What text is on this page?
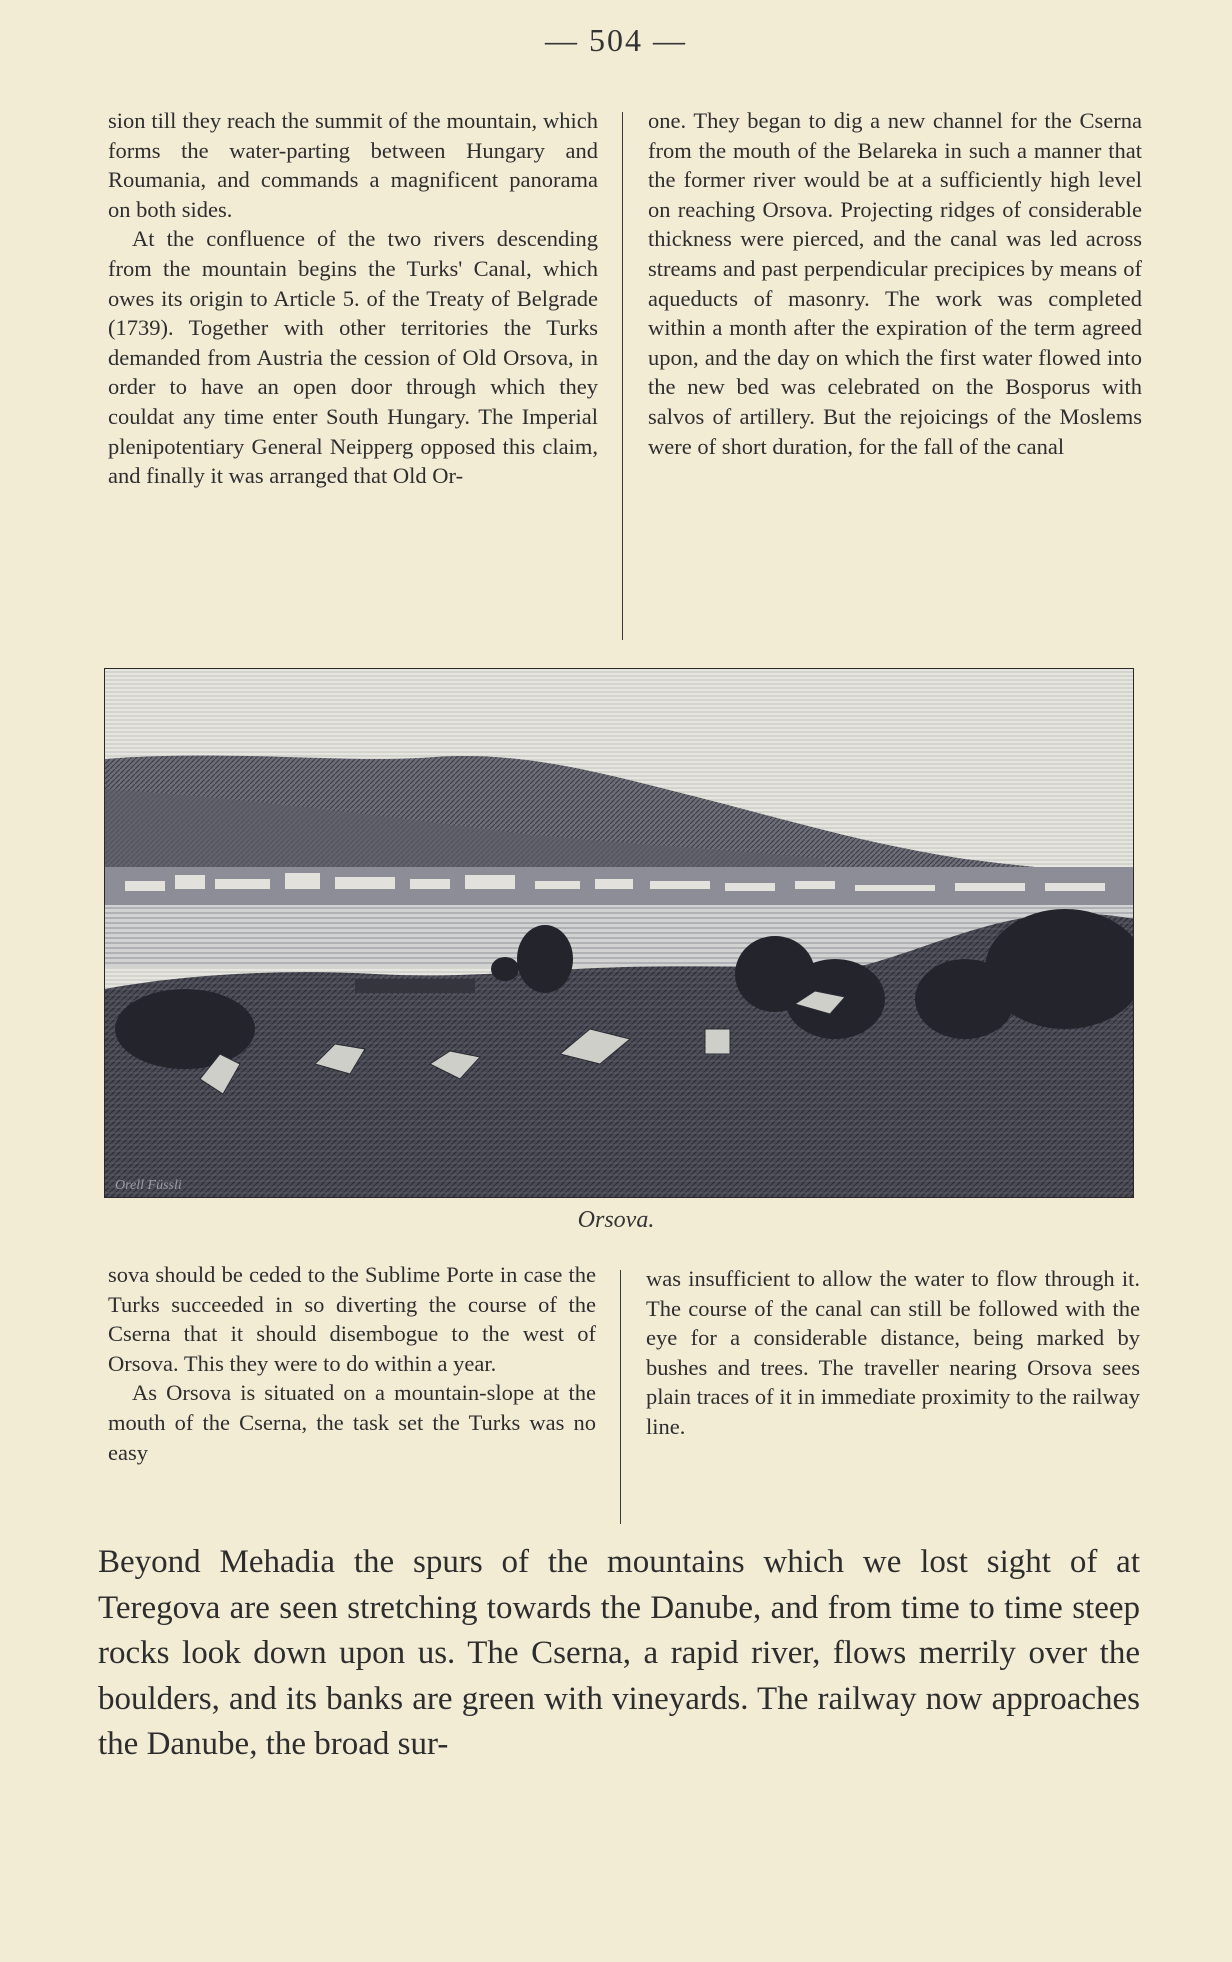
— 504 —

sion till they reach the summit of the mountain, which forms the water-parting between Hungary and Roumania, and commands a magnificent panorama on both sides.

At the confluence of the two rivers descending from the mountain begins the Turks' Canal, which owes its origin to Article 5. of the Treaty of Belgrade (1739). Together with other territories the Turks demanded from Austria the cession of Old Orsova, in order to have an open door through which they couldat any time enter South Hungary. The Imperial plenipotentiary General Neipperg opposed this claim, and finally it was arranged that Old Or-

one. They began to dig a new channel for the Cserna from the mouth of the Belareka in such a manner that the former river would be at a sufficiently high level on reaching Orsova. Projecting ridges of considerable thickness were pierced, and the canal was led across streams and past perpendicular precipices by means of aqueducts of masonry. The work was completed within a month after the expiration of the term agreed upon, and the day on which the first water flowed into the new bed was celebrated on the Bosporus with salvos of artillery. But the rejoicings of the Moslems were of short duration, for the fall of the canal

Orell Füssli
Orsova.

sova should be ceded to the Sublime Porte in case the Turks succeeded in so diverting the course of the Cserna that it should disembogue to the west of Orsova. This they were to do within a year.

As Orsova is situated on a mountain-slope at the mouth of the Cserna, the task set the Turks was no easy

was insufficient to allow the water to flow through it. The course of the canal can still be followed with the eye for a considerable distance, being marked by bushes and trees. The traveller nearing Orsova sees plain traces of it in immediate proximity to the railway line.

Beyond Mehadia the spurs of the mountains which we lost sight of at Teregova are seen stretching towards the Danube, and from time to time steep rocks look down upon us. The Cserna, a rapid river, flows merrily over the boulders, and its banks are green with vineyards. The railway now approaches the Danube, the broad sur-
